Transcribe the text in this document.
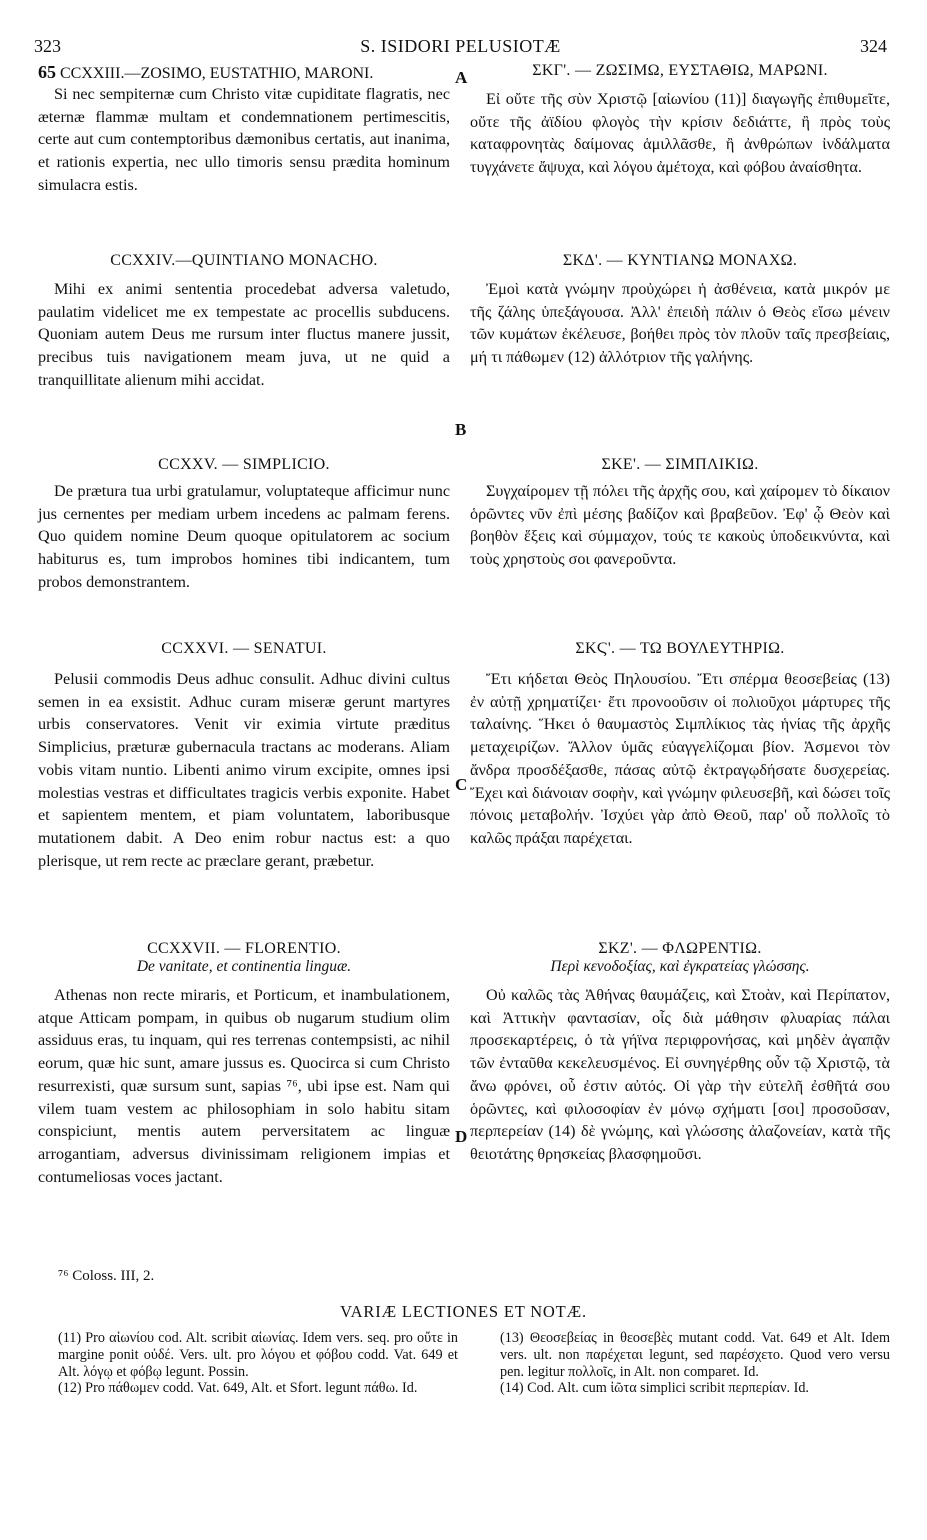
323	S. ISIDORI PELUSIOTÆ	324
A
B
C
D

65 CCXXIII.—ZOSIMO, EUSTATHIO, MARONI.

Si nec sempiternæ cum Christo vitæ cupiditate flagratis, nec æternæ flammæ multam et condemnationem pertimescitis, certe aut cum contemptoribus dæmonibus certatis, aut inanima, et rationis expertia, nec ullo timoris sensu prædita hominum simulacra estis.

CCXXIV.—QUINTIANO MONACHO.

Mihi ex animi sententia procedebat adversa valetudo, paulatim videlicet me ex tempestate ac procellis subducens. Quoniam autem Deus me rursum inter fluctus manere jussit, precibus tuis navigationem meam juva, ut ne quid a tranquillitate alienum mihi accidat.

CCXXV. — SIMPLICIO.

De prætura tua urbi gratulamur, voluptateque afficimur nunc jus cernentes per mediam urbem incedens ac palmam ferens. Quo quidem nomine Deum quoque opitulatorem ac socium habiturus es, tum improbos homines tibi indicantem, tum probos demonstrantem.

CCXXVI. — SENATUI.

Pelusii commodis Deus adhuc consulit. Adhuc divini cultus semen in ea exsistit. Adhuc curam miseræ gerunt martyres urbis conservatores. Venit vir eximia virtute præditus Simplicius, præturæ gubernacula tractans ac moderans. Aliam vobis vitam nuntio. Libenti animo virum excipite, omnes ipsi molestias vestras et difficultates tragicis verbis exponite. Habet et sapientem mentem, et piam voluntatem, laboribusque mutationem dabit. A Deo enim robur nactus est: a quo plerisque, ut rem recte ac præclare gerant, præbetur.

CCXXVII. — FLORENTIO.

De vanitate, et continentia linguæ.

Athenas non recte miraris, et Porticum, et inambulationem, atque Atticam pompam, in quibus ob nugarum studium olim assiduus eras, tu inquam, qui res terrenas contempsisti, ac nihil eorum, quæ hic sunt, amare jussus es. Quocirca si cum Christo resurrexisti, quæ sursum sunt, sapias ⁷⁶, ubi ipse est. Nam qui vilem tuam vestem ac philosophiam in solo habitu sitam conspiciunt, mentis autem perversitatem ac linguæ arrogantiam, adversus divinissimam religionem impias et contumeliosas voces jactant.

ΣΚΓ'. — ΖΩΣΙΜΩ, ΕΥΣΤΑΘΙΩ, ΜΑΡΩΝΙ.

Εἰ οὔτε τῆς σὺν Χριστῷ [αἰωνίου (11)] διαγωγῆς ἐπιθυμεῖτε, οὔτε τῆς ἀϊδίου φλογὸς τὴν κρίσιν δεδιάττε, ἢ πρὸς τοὺς καταφρονητὰς δαίμονας ἁμιλλᾶσθε, ἢ ἀνθρώπων ἰνδάλματα τυγχάνετε ἄψυχα, καὶ λόγου ἀμέτοχα, καὶ φόβου ἀναίσθητα.

ΣΚΔ'. — ΚΥΝΤΙΑΝΩ ΜΟΝΑΧΩ.

Ἐμοὶ κατὰ γνώμην προὐχώρει ἡ ἀσθένεια, κατὰ μικρόν με τῆς ζάλης ὑπεξάγουσα. Ἀλλ' ἐπειδὴ πάλιν ὁ Θεὸς εἴσω μένειν τῶν κυμάτων ἐκέλευσε, βοήθει πρὸς τὸν πλοῦν ταῖς πρεσβείαις, μή τι πάθωμεν (12) ἀλλότριον τῆς γαλήνης.

ΣΚΕ'. — ΣΙΜΠΛΙΚΙΩ.

Συγχαίρομεν τῇ πόλει τῆς ἀρχῆς σου, καὶ χαίρομεν τὸ δίκαιον ὁρῶντες νῦν ἐπὶ μέσης βαδίζον καὶ βραβεῦον. Ἐφ' ᾧ Θεὸν καὶ βοηθὸν ἕξεις καὶ σύμμαχον, τούς τε κακοὺς ὑποδεικνύντα, καὶ τοὺς χρηστοὺς σοι φανεροῦντα.

ΣΚϚ'. — ΤΩ ΒΟΥΛΕΥΤΗΡΙΩ.

Ἔτι κήδεται Θεὸς Πηλουσίου. Ἔτι σπέρμα θεοσεβείας (13) ἐν αὐτῇ χρηματίζει· ἔτι προνοοῦσιν οἱ πολιοῦχοι μάρτυρες τῆς ταλαίνης. Ἥκει ὁ θαυμαστὸς Σιμπλίκιος τὰς ἡνίας τῆς ἀρχῆς μεταχειρίζων. Ἄλλον ὑμᾶς εὐαγγελίζομαι βίον. Ἀσμενοι τὸν ἄνδρα προσδέξασθε, πάσας αὐτῷ ἐκτραγῳδήσατε δυσχερείας. Ἔχει καὶ διάνοιαν σοφὴν, καὶ γνώμην φιλευσεβῆ, καὶ δώσει τοῖς πόνοις μεταβολήν. Ἰσχύει γὰρ ἀπὸ Θεοῦ, παρ' οὗ πολλοῖς τὸ καλῶς πράξαι παρέχεται.

ΣΚΖ'. — ΦΛΩΡΕΝΤΙΩ.

Περὶ κενοδοξίας, καὶ ἐγκρατείας γλώσσης.

Οὐ καλῶς τὰς Ἀθήνας θαυμάζεις, καὶ Στοὰν, καὶ Περίπατον, καὶ Ἀττικὴν φαντασίαν, οἷς διὰ μάθησιν φλυαρίας πάλαι προσεκαρτέρεις, ὁ τὰ γήϊνα περιφρονήσας, καὶ μηδὲν ἀγαπᾷν τῶν ἐνταῦθα κεκελευσμένος. Εἰ συνηγέρθης οὖν τῷ Χριστῷ, τὰ ἄνω φρόνει, οὗ ἐστιν αὐτός. Οἱ γὰρ τὴν εὐτελῆ ἐσθῆτά σου ὁρῶντες, καὶ φιλοσοφίαν ἐν μόνῳ σχήματι [σοι] προσοῦσαν, περπερείαν (14) δὲ γνώμης, καὶ γλώσσης ἀλαζονείαν, κατὰ τῆς θειοτάτης θρησκείας βλασφημοῦσι.

⁷⁶ Coloss. III, 2.
VARIÆ LECTIONES ET NOTÆ.

(11) Pro αἰωνίου cod. Alt. scribit αἰωνίας. Idem vers. seq. pro οὔτε in margine ponit οὐδέ. Vers. ult. pro λόγου et φόβου codd. Vat. 649 et Alt. λόγῳ et φόβῳ legunt. Possin.

(12) Pro πάθωμεν codd. Vat. 649, Alt. et Sfort. legunt πάθω. Id.

(13) Θεοσεβείας in θεοσεβὲς mutant codd. Vat. 649 et Alt. Idem vers. ult. non παρέχεται legunt, sed παρέσχετο. Quod vero versu pen. legitur πολλοῖς, in Alt. non comparet. Id.

(14) Cod. Alt. cum ἰῶτα simplici scribit περπερίαν. Id.
